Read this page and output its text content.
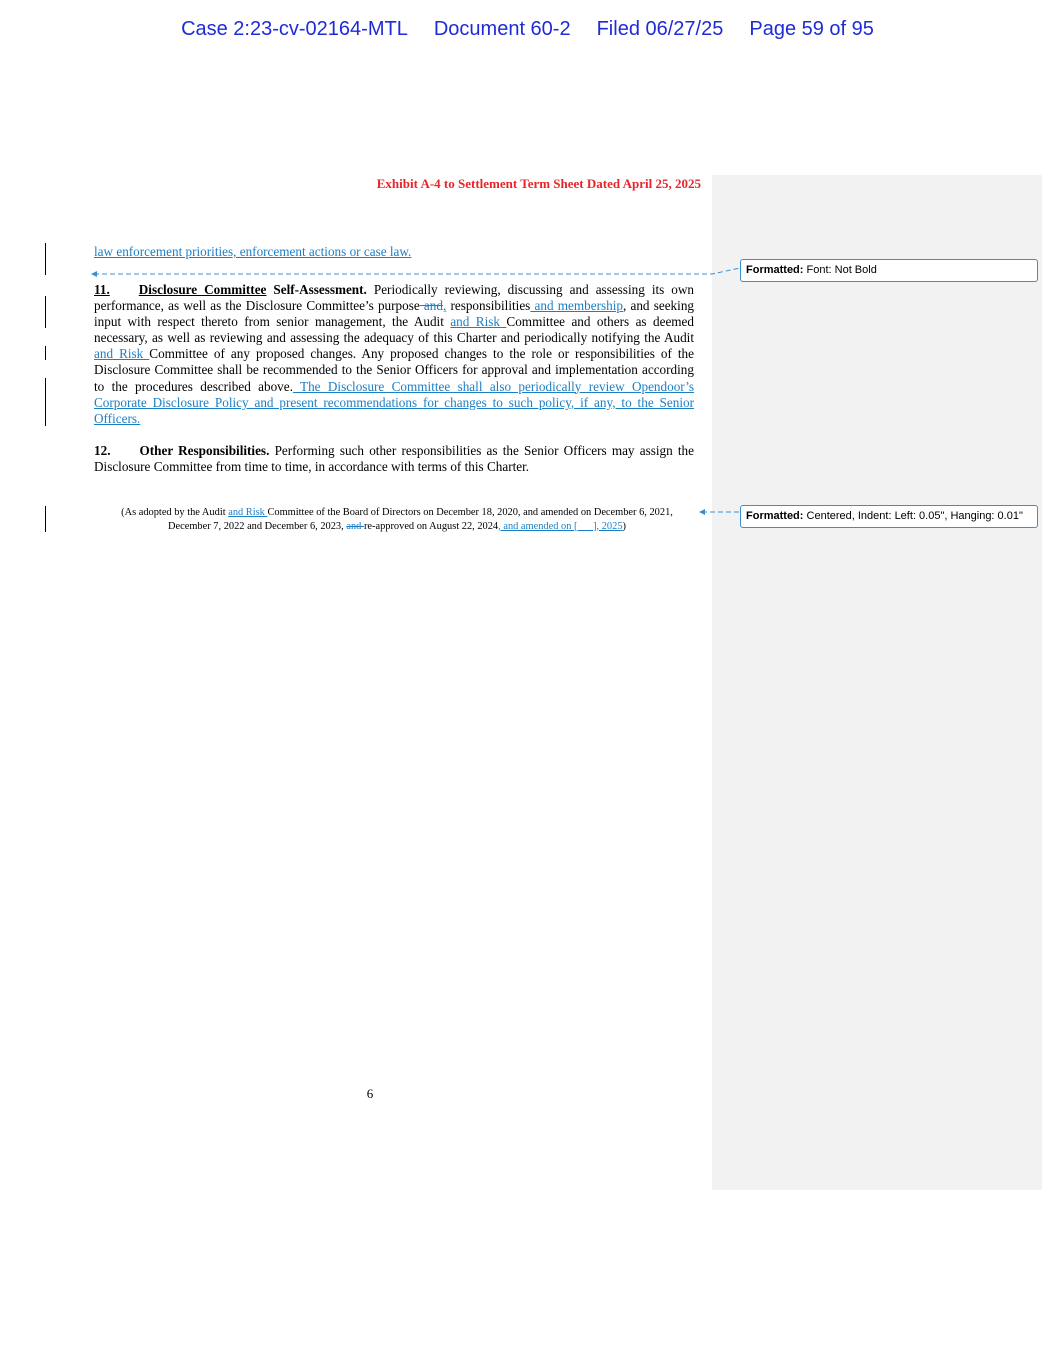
Case 2:23-cv-02164-MTL Document 60-2 Filed 06/27/25 Page 59 of 95
Exhibit A-4 to Settlement Term Sheet Dated April 25, 2025
law enforcement priorities, enforcement actions or case law.
11. Disclosure Committee Self-Assessment. Periodically reviewing, discussing and assessing its own performance, as well as the Disclosure Committee’s purpose and, responsibilities and membership, and seeking input with respect thereto from senior management, the Audit and Risk Committee and others as deemed necessary, as well as reviewing and assessing the adequacy of this Charter and periodically notifying the Audit and Risk Committee of any proposed changes. Any proposed changes to the role or responsibilities of the Disclosure Committee shall be recommended to the Senior Officers for approval and implementation according to the procedures described above. The Disclosure Committee shall also periodically review Opendoor’s Corporate Disclosure Policy and present recommendations for changes to such policy, if any, to the Senior Officers.
12. Other Responsibilities. Performing such other responsibilities as the Senior Officers may assign the Disclosure Committee from time to time, in accordance with terms of this Charter.
(As adopted by the Audit and Risk Committee of the Board of Directors on December 18, 2020, and amended on December 6, 2021, December 7, 2022 and December 6, 2023, and re-approved on August 22, 2024, and amended on [___], 2025)
Formatted: Font: Not Bold
Formatted: Centered, Indent: Left: 0.05", Hanging: 0.01"
6
